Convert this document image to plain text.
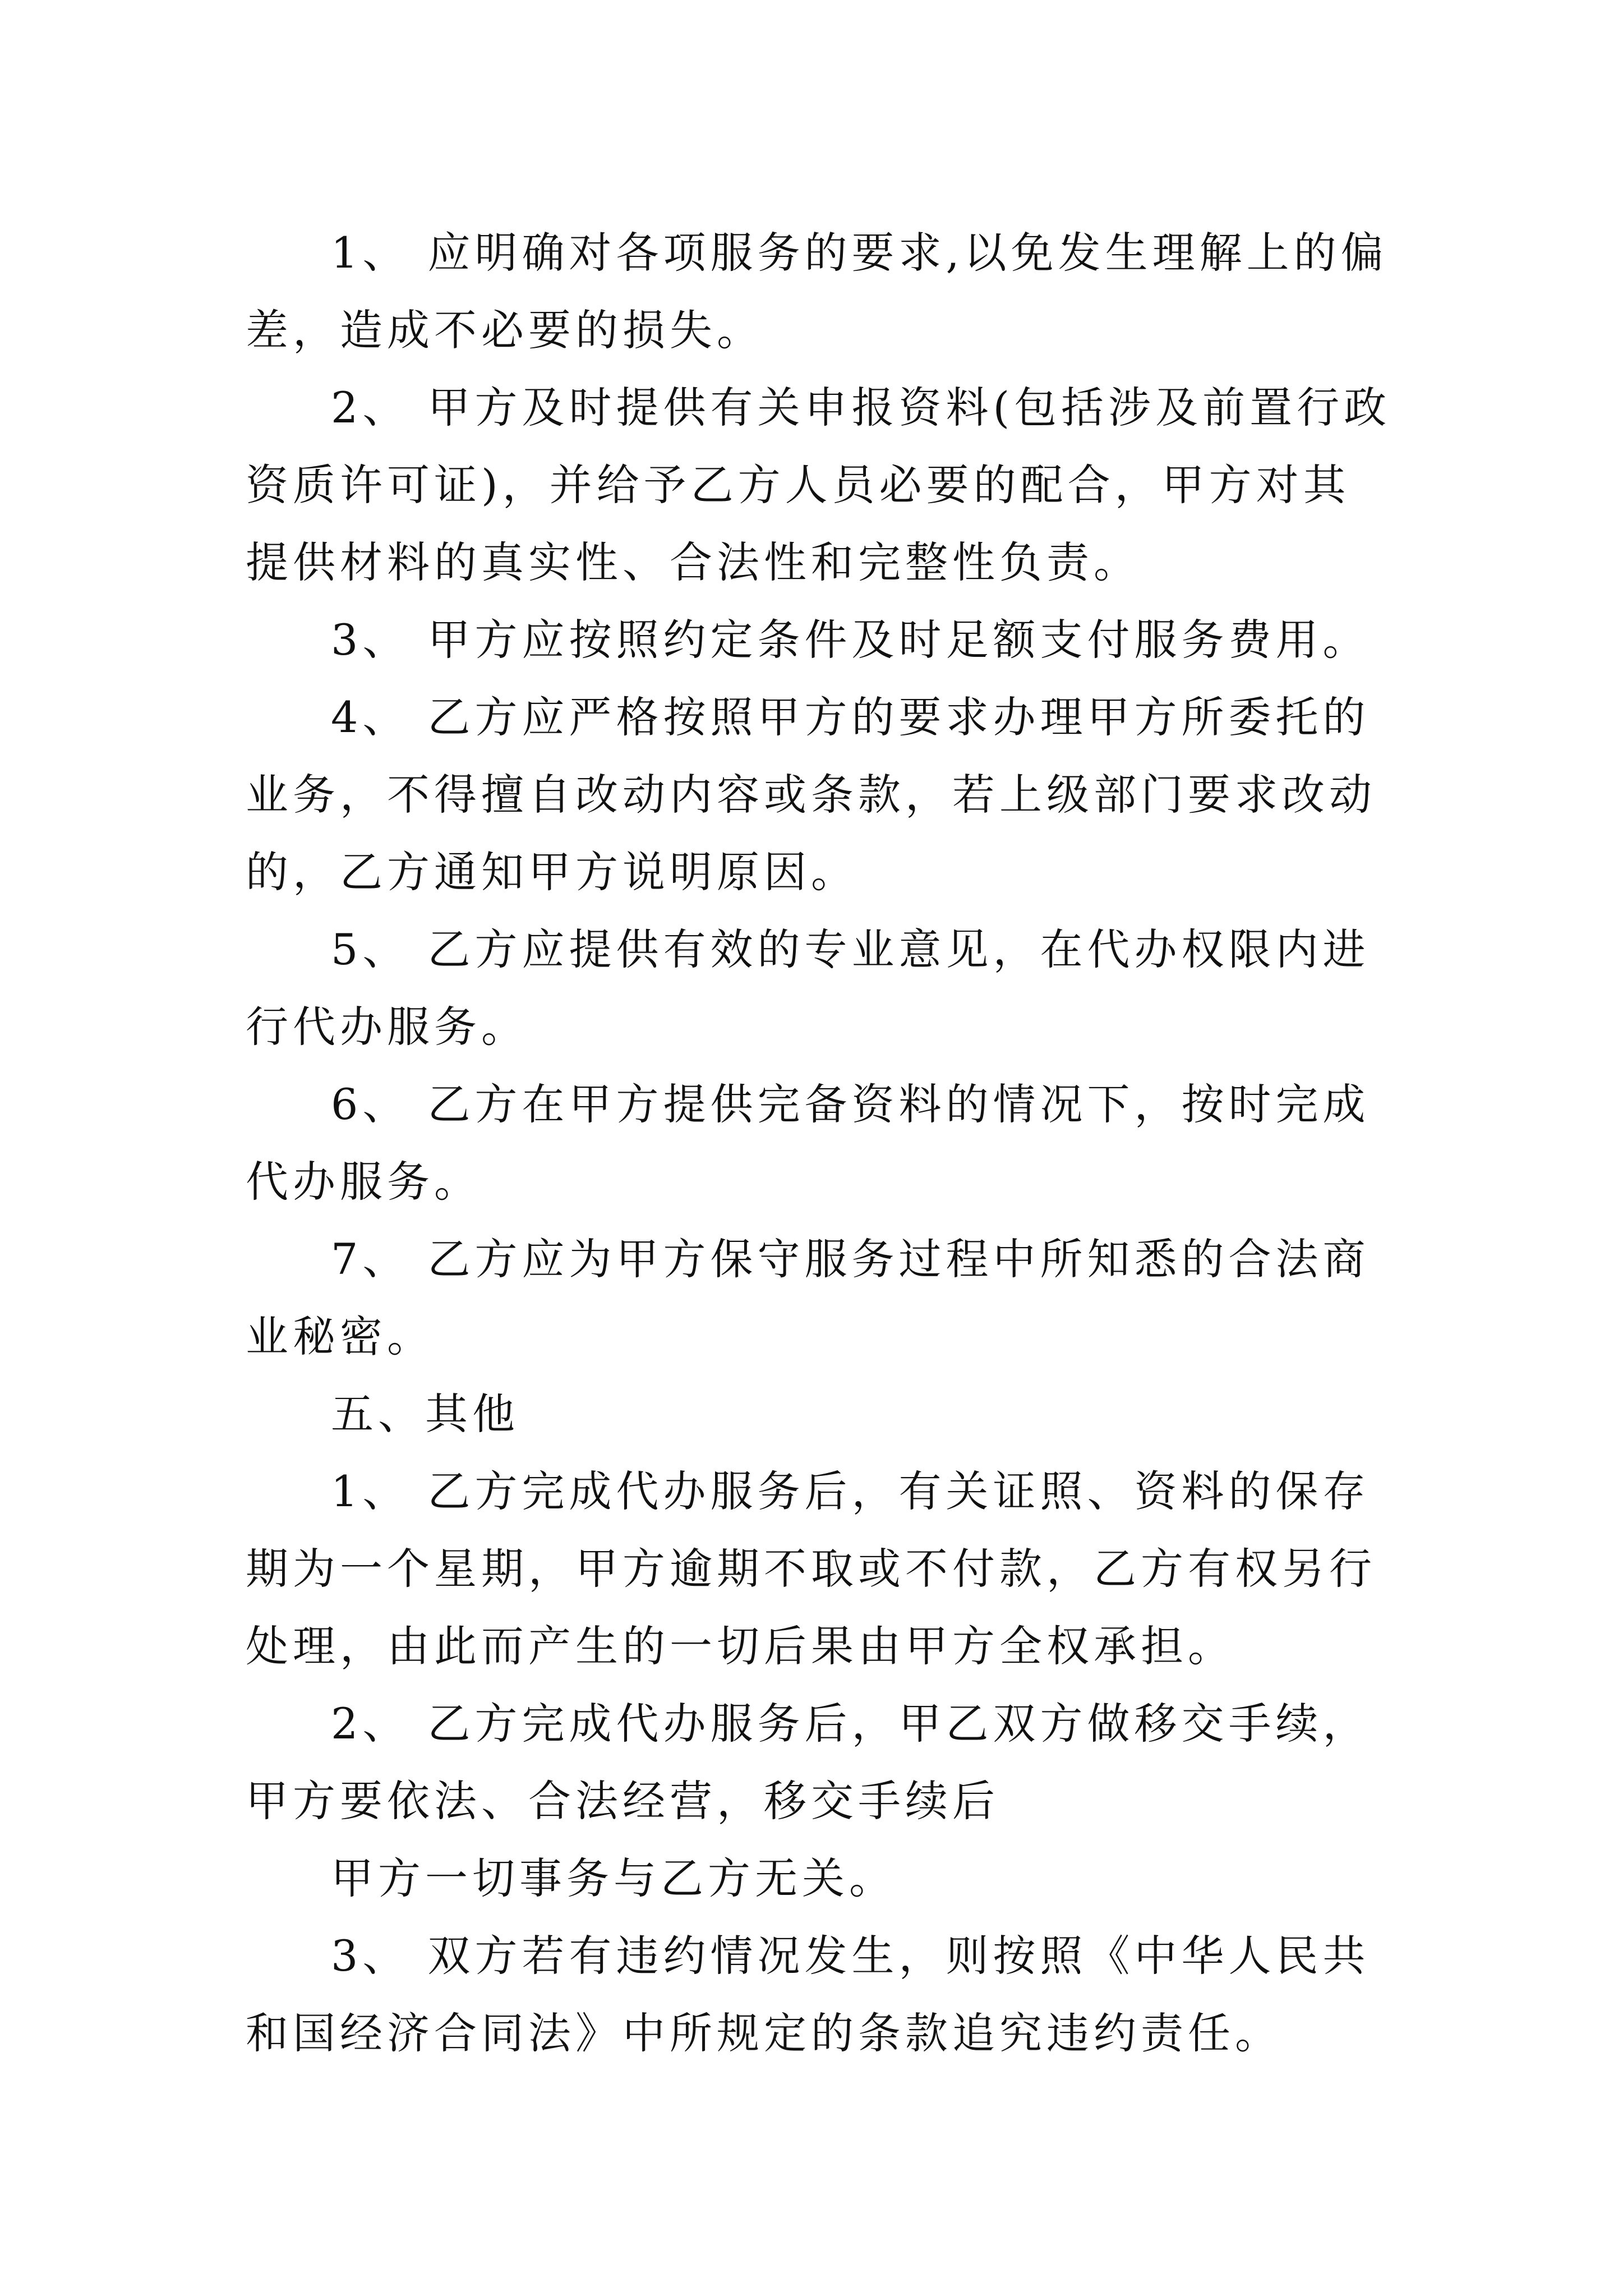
1、 应明确对各项服务的要求,以免发生理解上的偏差，造成不必要的损失。

2、 甲方及时提供有关申报资料(包括涉及前置行政资质许可证)，并给予乙方人员必要的配合，甲方对其提供材料的真实性、合法性和完整性负责。

3、 甲方应按照约定条件及时足额支付服务费用。

4、 乙方应严格按照甲方的要求办理甲方所委托的业务，不得擅自改动内容或条款，若上级部门要求改动的，乙方通知甲方说明原因。

5、 乙方应提供有效的专业意见，在代办权限内进行代办服务。

6、 乙方在甲方提供完备资料的情况下，按时完成代办服务。

7、 乙方应为甲方保守服务过程中所知悉的合法商业秘密。

五、其他

1、 乙方完成代办服务后，有关证照、资料的保存期为一个星期，甲方逾期不取或不付款，乙方有权另行处理，由此而产生的一切后果由甲方全权承担。

2、 乙方完成代办服务后，甲乙双方做移交手续，甲方要依法、合法经营，移交手续后

甲方一切事务与乙方无关。

3、 双方若有违约情况发生，则按照《中华人民共和国经济合同法》中所规定的条款追究违约责任。
